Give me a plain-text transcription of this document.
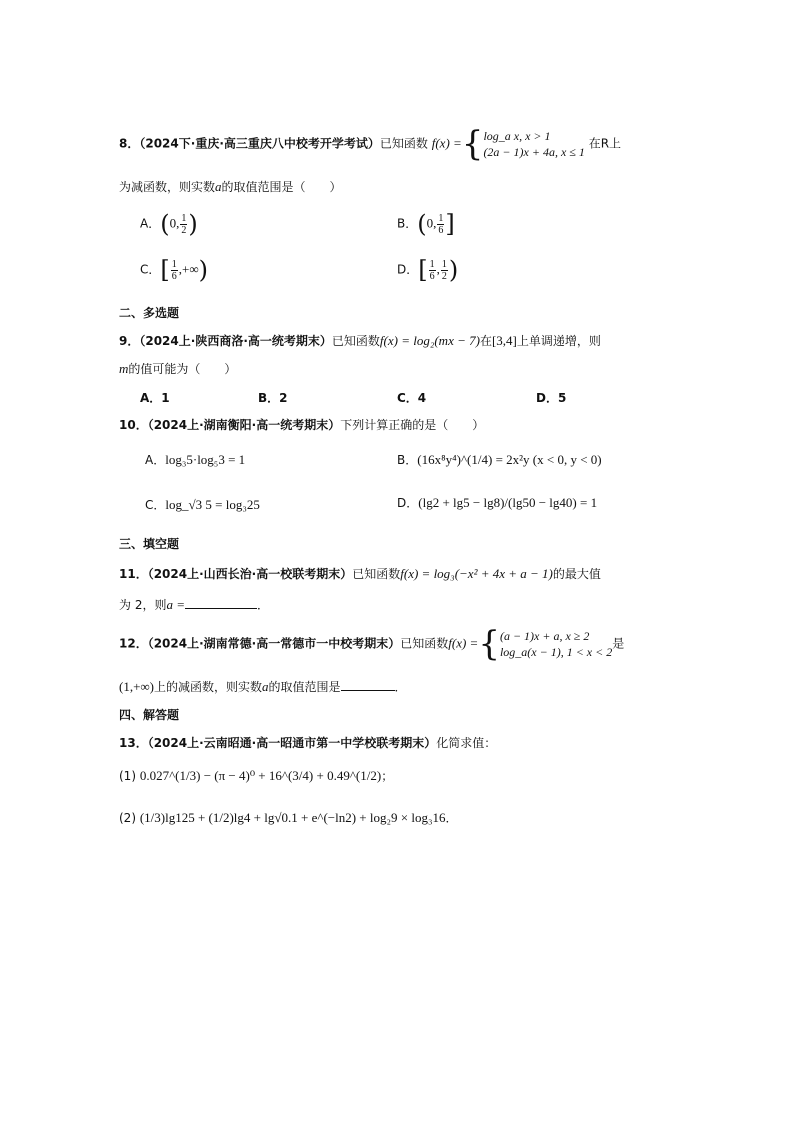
8．（2024下·重庆·高三重庆八中校考开学考试）已知函数 f(x) ={ log_a x, x > 1
(2a − 1)x + 4a, x ≤ 1
在R上
为减函数，则实数a的取值范围是（　　）
A．(0, $\frac{1}{2}$ )	B．(0, $\frac{1}{6}$ ]
C．[ $\frac{1}{6}$ ,+∞)	D．[ $\frac{1}{6}$ , $\frac{1}{2}$ )
二、多选题
9．（2024上·陕西商洛·高一统考期末）已知函数f(x) = log₂(mx − 7)在[3,4]上单调递增，则
m的值可能为（　　）
A．1	B．2	C．4	D．5
10．（2024上·湖南衡阳·高一统考期末）下列计算正确的是（　　）
A．log₃5·log₅3 = 1	B．(16x⁸y⁴)^(1/4) = 2x²y (x < 0, y < 0)
C．log_√3 5 = log₃25	D．(lg2 + lg5 − lg8)/(lg50 − lg40) = 1
三、填空题
11．（2024上·山西长治·高一校联考期末）已知函数f(x) = log₃(−x² + 4x + a − 1)的最大值
为 2，则a =	．
12．（2024上·湖南常德·高一常德市一中校考期末）已知函数f(x) ={ (a − 1)x + a, x ≥ 2
log_a(x − 1), 1 < x < 2
是
(1,+∞)上的减函数，则实数a的取值范围是	．
四、解答题
13．（2024上·云南昭通·高一昭通市第一中学校联考期末）化简求值：
(1) 0.027^(1/3) − (π − 4)⁰ + 16^(3/4) + 0.49^(1/2)；
(2) (1/3)lg125 + (1/2)lg4 + lg√0.1 + e^(−ln2) + log₂9 × log₃16．
